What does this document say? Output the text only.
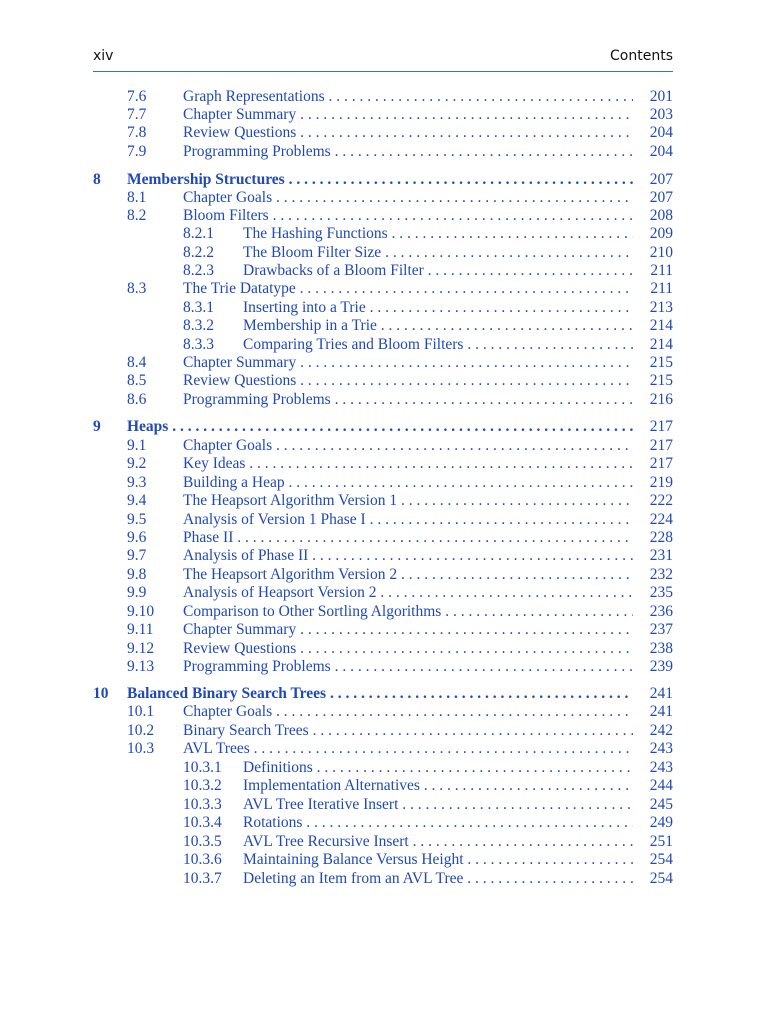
xiv	Contents
7.6 Graph Representations . . .	201
7.7 Chapter Summary . . .	203
7.8 Review Questions . . .	204
7.9 Programming Problems . . .	204
8 Membership Structures . . .	207
8.1 Chapter Goals . . .	207
8.2 Bloom Filters . . .	208
8.2.1 The Hashing Functions . . .	209
8.2.2 The Bloom Filter Size . . .	210
8.2.3 Drawbacks of a Bloom Filter . . .	211
8.3 The Trie Datatype . . .	211
8.3.1 Inserting into a Trie . . .	213
8.3.2 Membership in a Trie . . .	214
8.3.3 Comparing Tries and Bloom Filters . . .	214
8.4 Chapter Summary . . .	215
8.5 Review Questions . . .	215
8.6 Programming Problems . . .	216
9 Heaps . . .	217
9.1 Chapter Goals . . .	217
9.2 Key Ideas . . .	217
9.3 Building a Heap . . .	219
9.4 The Heapsort Algorithm Version 1 . . .	222
9.5 Analysis of Version 1 Phase I . . .	224
9.6 Phase II . . .	228
9.7 Analysis of Phase II . . .	231
9.8 The Heapsort Algorithm Version 2 . . .	232
9.9 Analysis of Heapsort Version 2 . . .	235
9.10 Comparison to Other Sortling Algorithms . . .	236
9.11 Chapter Summary . . .	237
9.12 Review Questions . . .	238
9.13 Programming Problems . . .	239
10 Balanced Binary Search Trees . . .	241
10.1 Chapter Goals . . .	241
10.2 Binary Search Trees . . .	242
10.3 AVL Trees . . .	243
10.3.1 Definitions . . .	243
10.3.2 Implementation Alternatives . . .	244
10.3.3 AVL Tree Iterative Insert . . .	245
10.3.4 Rotations . . .	249
10.3.5 AVL Tree Recursive Insert . . .	251
10.3.6 Maintaining Balance Versus Height . . .	254
10.3.7 Deleting an Item from an AVL Tree . . .	254
